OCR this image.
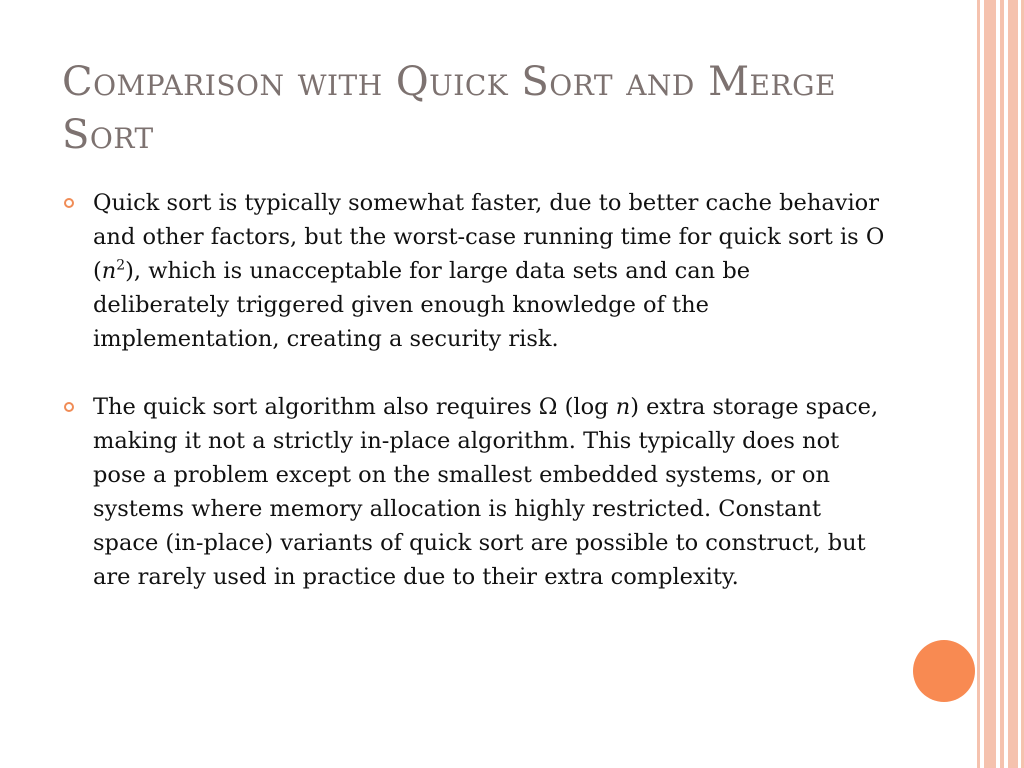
Comparison with Quick Sort and Merge Sort
Quick sort is typically somewhat faster, due to better cache behavior and other factors, but the worst-case running time for quick sort is O $(n^2)$, which is unacceptable for large data sets and can be deliberately triggered given enough knowledge of the implementation, creating a security risk.
The quick sort algorithm also requires Ω (log n) extra storage space, making it not a strictly in-place algorithm. This typically does not pose a problem except on the smallest embedded systems, or on systems where memory allocation is highly restricted. Constant space (in-place) variants of quick sort are possible to construct, but are rarely used in practice due to their extra complexity.
